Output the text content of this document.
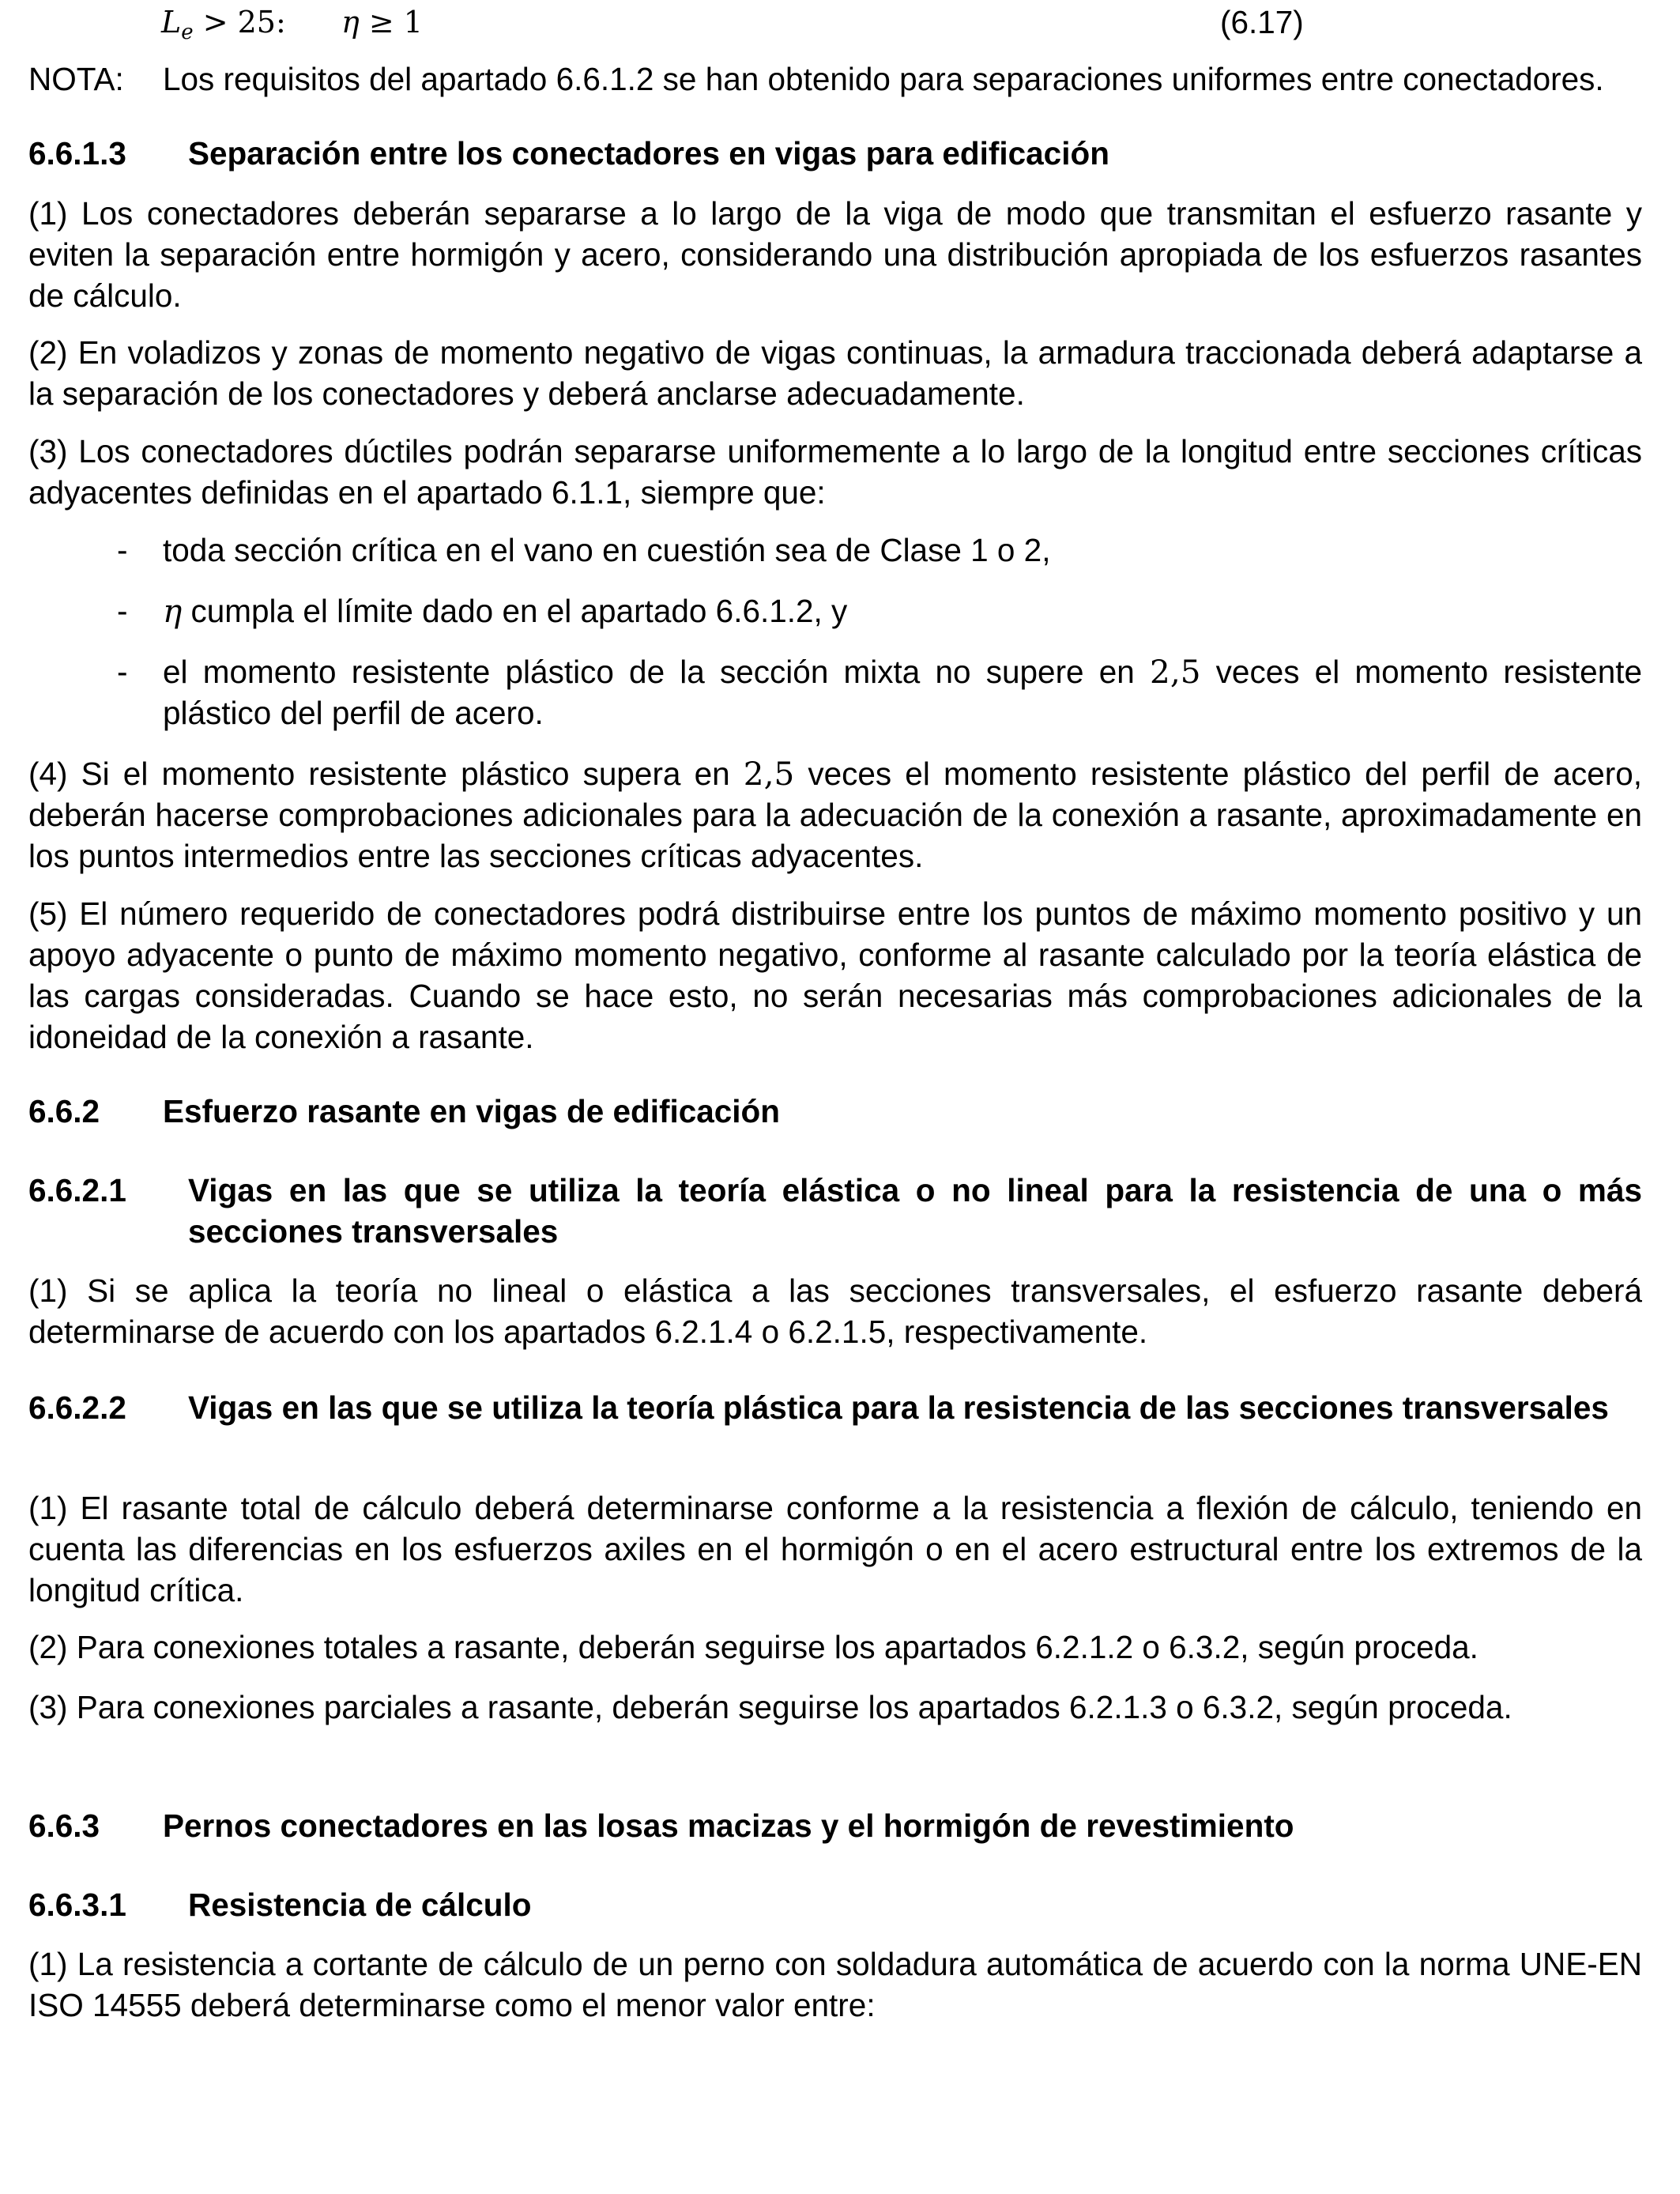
$L_e > 25$: η ≥ 1	(6.17)
NOTA: Los requisitos del apartado 6.6.1.2 se han obtenido para separaciones uniformes entre conectadores.
6.6.1.3 Separación entre los conectadores en vigas para edificación
(1) Los conectadores deberán separarse a lo largo de la viga de modo que transmitan el esfuerzo rasante y eviten la separación entre hormigón y acero, considerando una distribución apropiada de los esfuerzos rasantes de cálculo.
(2) En voladizos y zonas de momento negativo de vigas continuas, la armadura traccionada deberá adaptarse a la separación de los conectadores y deberá anclarse adecuadamente.
(3) Los conectadores dúctiles podrán separarse uniformemente a lo largo de la longitud entre secciones críticas adyacentes definidas en el apartado 6.1.1, siempre que:
- toda sección crítica en el vano en cuestión sea de Clase 1 o 2,
- η cumpla el límite dado en el apartado 6.6.1.2, y
- el momento resistente plástico de la sección mixta no supere en 2,5 veces el momento resistente plástico del perfil de acero.
(4) Si el momento resistente plástico supera en 2,5 veces el momento resistente plástico del perfil de acero, deberán hacerse comprobaciones adicionales para la adecuación de la conexión a rasante, aproximadamente en los puntos intermedios entre las secciones críticas adyacentes.
(5) El número requerido de conectadores podrá distribuirse entre los puntos de máximo momento positivo y un apoyo adyacente o punto de máximo momento negativo, conforme al rasante calculado por la teoría elástica de las cargas consideradas. Cuando se hace esto, no serán necesarias más comprobaciones adicionales de la idoneidad de la conexión a rasante.
6.6.2 Esfuerzo rasante en vigas de edificación
6.6.2.1 Vigas en las que se utiliza la teoría elástica o no lineal para la resistencia de una o más secciones transversales
(1) Si se aplica la teoría no lineal o elástica a las secciones transversales, el esfuerzo rasante deberá determinarse de acuerdo con los apartados 6.2.1.4 o 6.2.1.5, respectivamente.
6.6.2.2 Vigas en las que se utiliza la teoría plástica para la resistencia de las secciones transversales
(1) El rasante total de cálculo deberá determinarse conforme a la resistencia a flexión de cálculo, teniendo en cuenta las diferencias en los esfuerzos axiles en el hormigón o en el acero estructural entre los extremos de la longitud crítica.
(2) Para conexiones totales a rasante, deberán seguirse los apartados 6.2.1.2 o 6.3.2, según proceda.
(3) Para conexiones parciales a rasante, deberán seguirse los apartados 6.2.1.3 o 6.3.2, según proceda.
6.6.3 Pernos conectadores en las losas macizas y el hormigón de revestimiento
6.6.3.1 Resistencia de cálculo
(1) La resistencia a cortante de cálculo de un perno con soldadura automática de acuerdo con la norma UNE-EN ISO 14555 deberá determinarse como el menor valor entre:
